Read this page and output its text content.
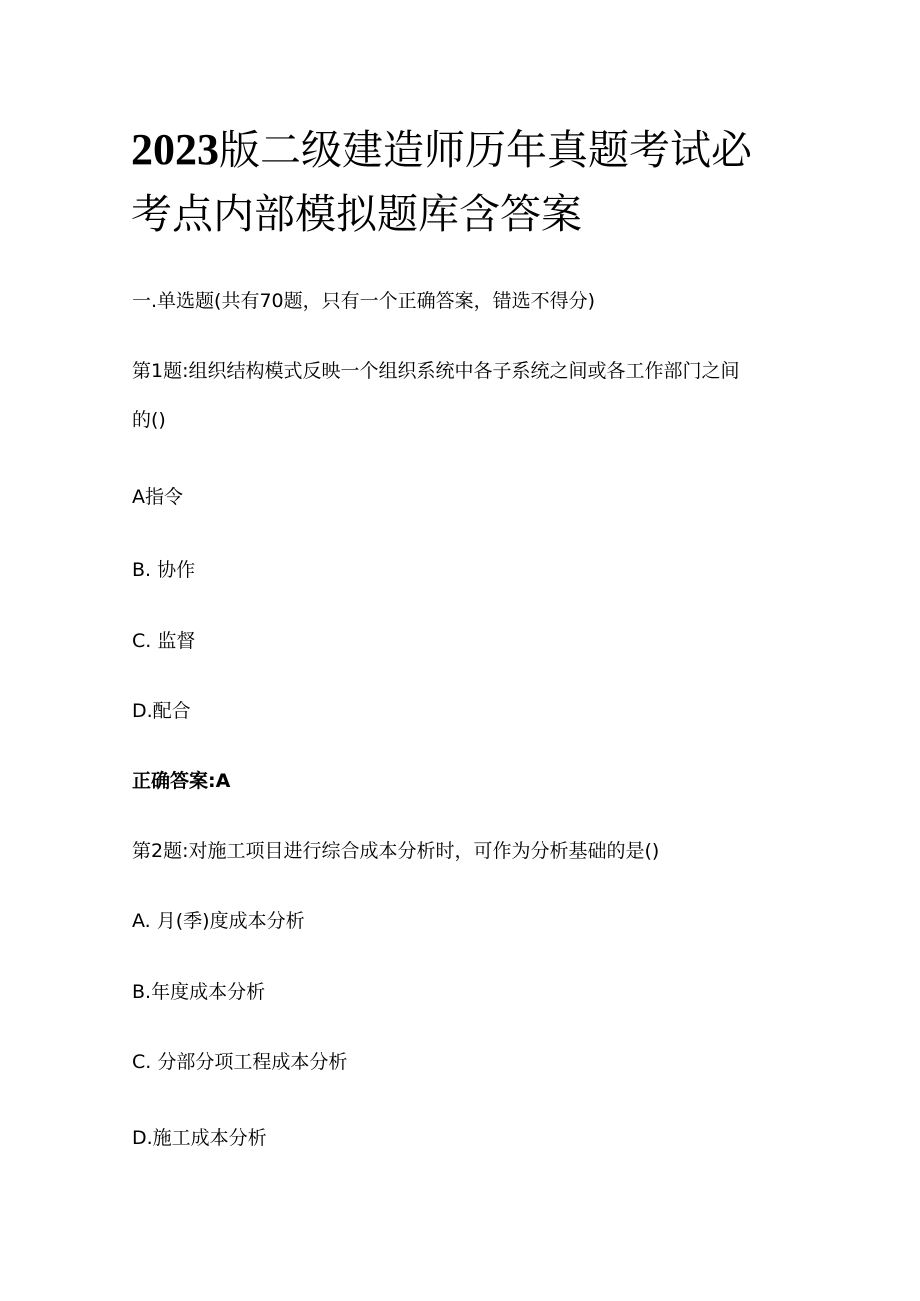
2023版二级建造师历年真题考试必
考点内部模拟题库含答案
一.单选题(共有70题，只有一个正确答案，错选不得分)
第1题:组织结构模式反映一个组织系统中各子系统之间或各工作部门之间
的()
A指令
B. 协作
C. 监督
D.配合
正确答案:A
第2题:对施工项目进行综合成本分析时，可作为分析基础的是()
A. 月(季)度成本分析
B.年度成本分析
C. 分部分项工程成本分析
D.施工成本分析
